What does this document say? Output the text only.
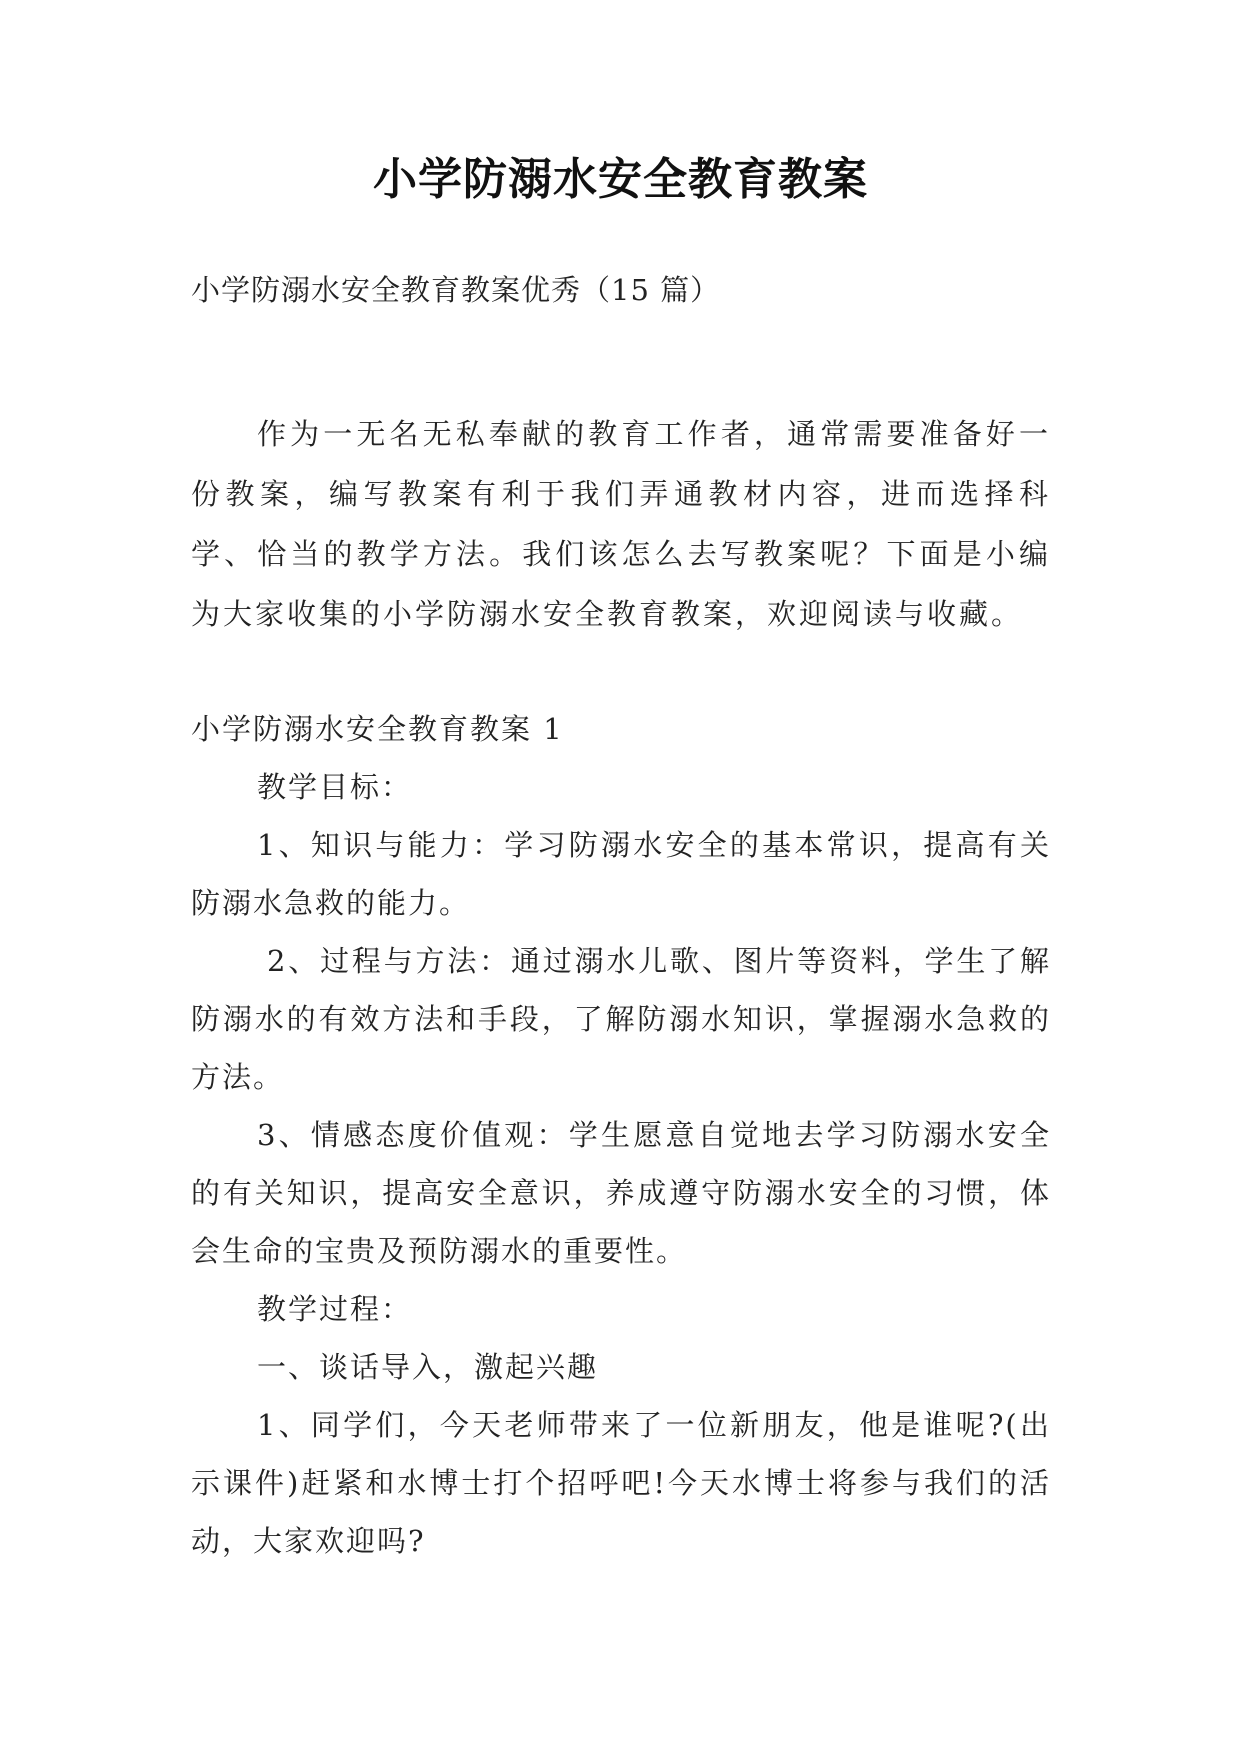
小学防溺水安全教育教案
小学防溺水安全教育教案优秀（15 篇）
作为一无名无私奉献的教育工作者，通常需要准备好一份教案，编写教案有利于我们弄通教材内容，进而选择科学、恰当的教学方法。我们该怎么去写教案呢？下面是小编为大家收集的小学防溺水安全教育教案，欢迎阅读与收藏。

小学防溺水安全教育教案 1

教学目标：

1、知识与能力：学习防溺水安全的基本常识，提高有关防溺水急救的能力。

2、过程与方法：通过溺水儿歌、图片等资料，学生了解防溺水的有效方法和手段，了解防溺水知识，掌握溺水急救的方法。

3、情感态度价值观：学生愿意自觉地去学习防溺水安全的有关知识，提高安全意识，养成遵守防溺水安全的习惯，体会生命的宝贵及预防溺水的重要性。

教学过程：

一、谈话导入，激起兴趣

1、同学们，今天老师带来了一位新朋友，他是谁呢?(出示课件)赶紧和水博士打个招呼吧!今天水博士将参与我们的活动，大家欢迎吗?
